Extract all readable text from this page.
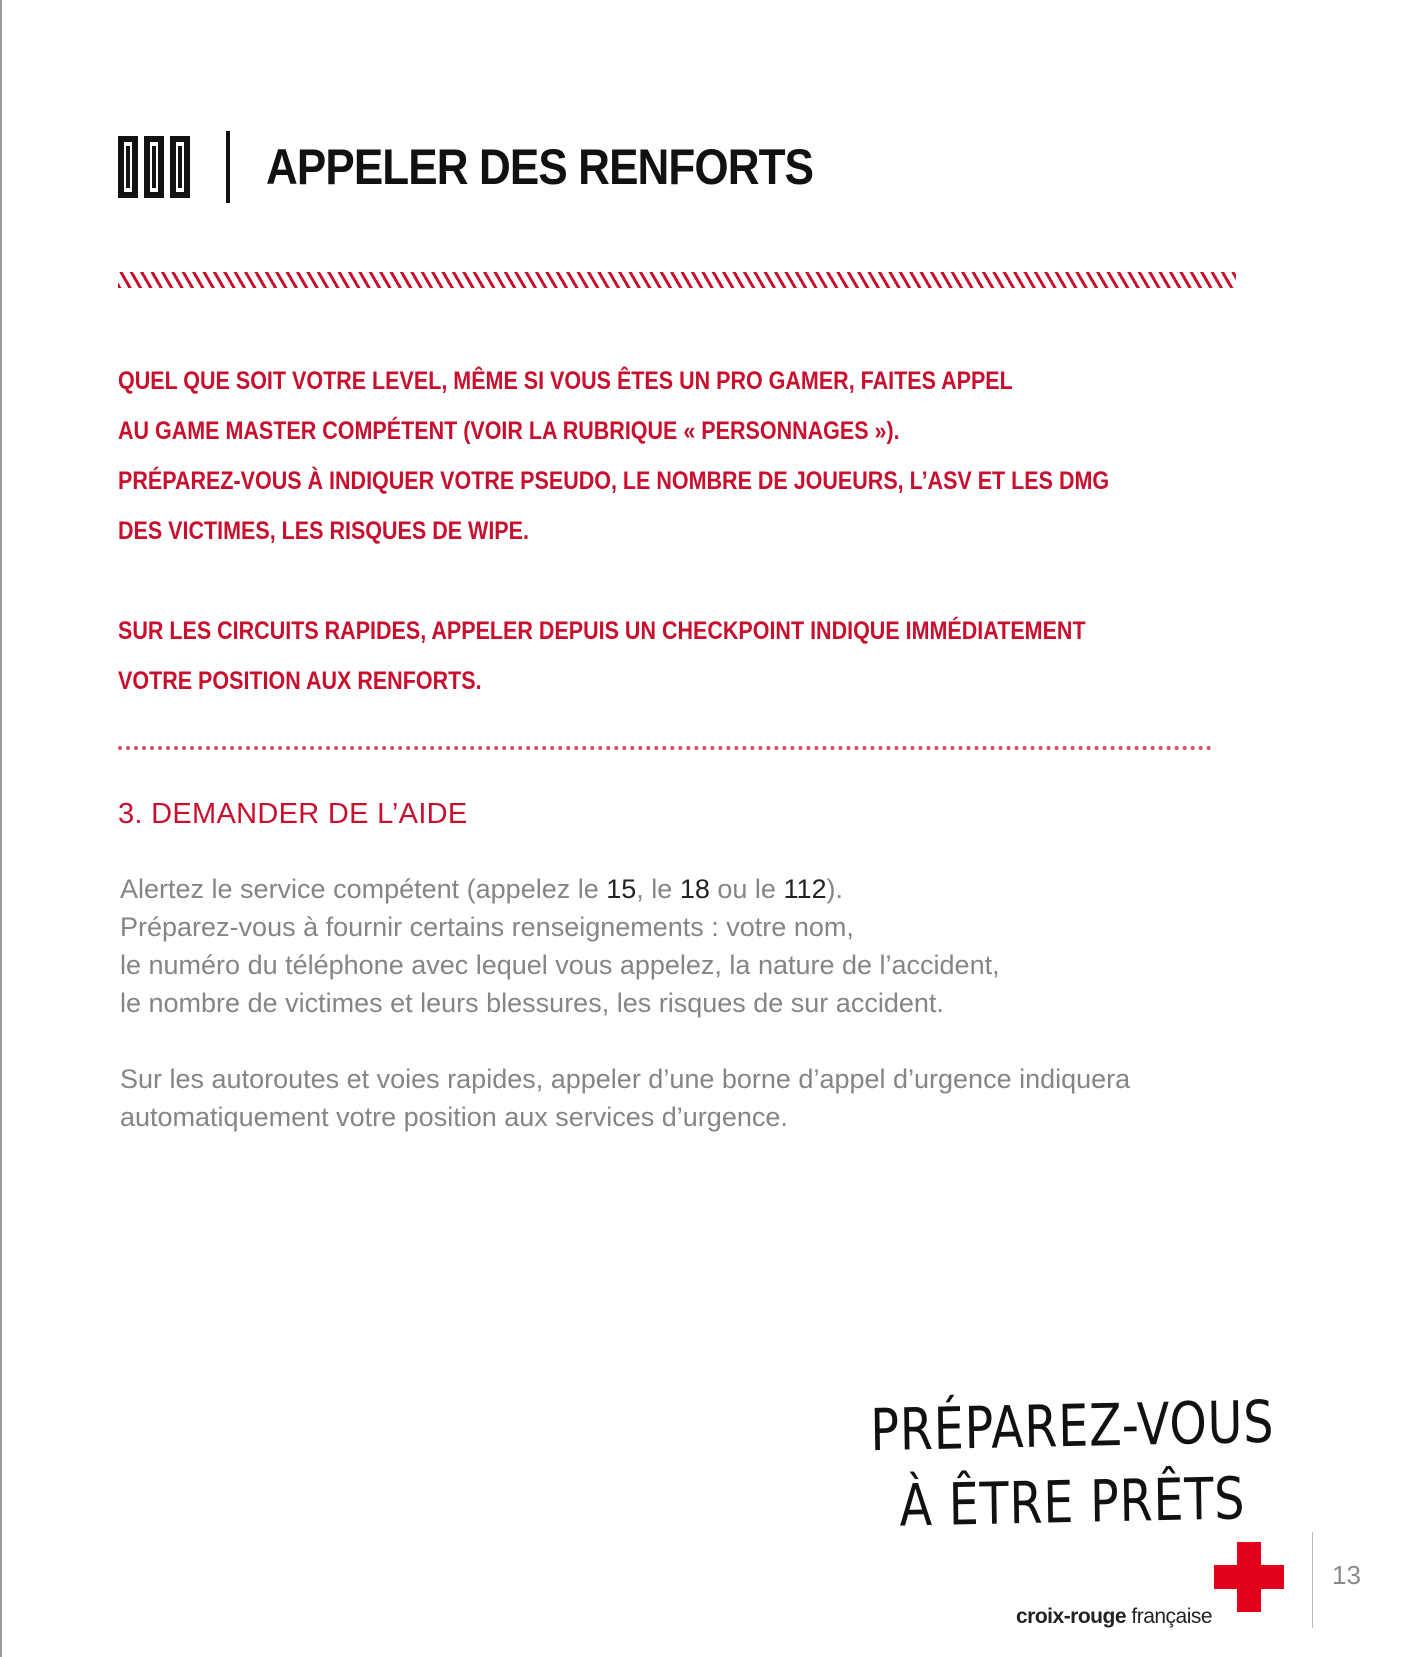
APPELER DES RENFORTS
QUEL QUE SOIT VOTRE LEVEL, MÊME SI VOUS ÊTES UN PRO GAMER, FAITES APPEL
AU GAME MASTER COMPÉTENT (VOIR LA RUBRIQUE « PERSONNAGES »).
PRÉPAREZ-VOUS À INDIQUER VOTRE PSEUDO, LE NOMBRE DE JOUEURS, L’ASV ET LES DMG
DES VICTIMES, LES RISQUES DE WIPE.
SUR LES CIRCUITS RAPIDES, APPELER DEPUIS UN CHECKPOINT INDIQUE IMMÉDIATEMENT
VOTRE POSITION AUX RENFORTS.
3. DEMANDER DE L’AIDE
Alertez le service compétent (appelez le 15, le 18 ou le 112).
Préparez-vous à fournir certains renseignements : votre nom,
le numéro du téléphone avec lequel vous appelez, la nature de l’accident,
le nombre de victimes et leurs blessures, les risques de sur accident.
Sur les autoroutes et voies rapides, appeler d’une borne d’appel d’urgence indiquera
automatiquement votre position aux services d’urgence.
PRÉPAREZ-VOUS
À ÊTRE PRÊTS
croix-rouge française
13
